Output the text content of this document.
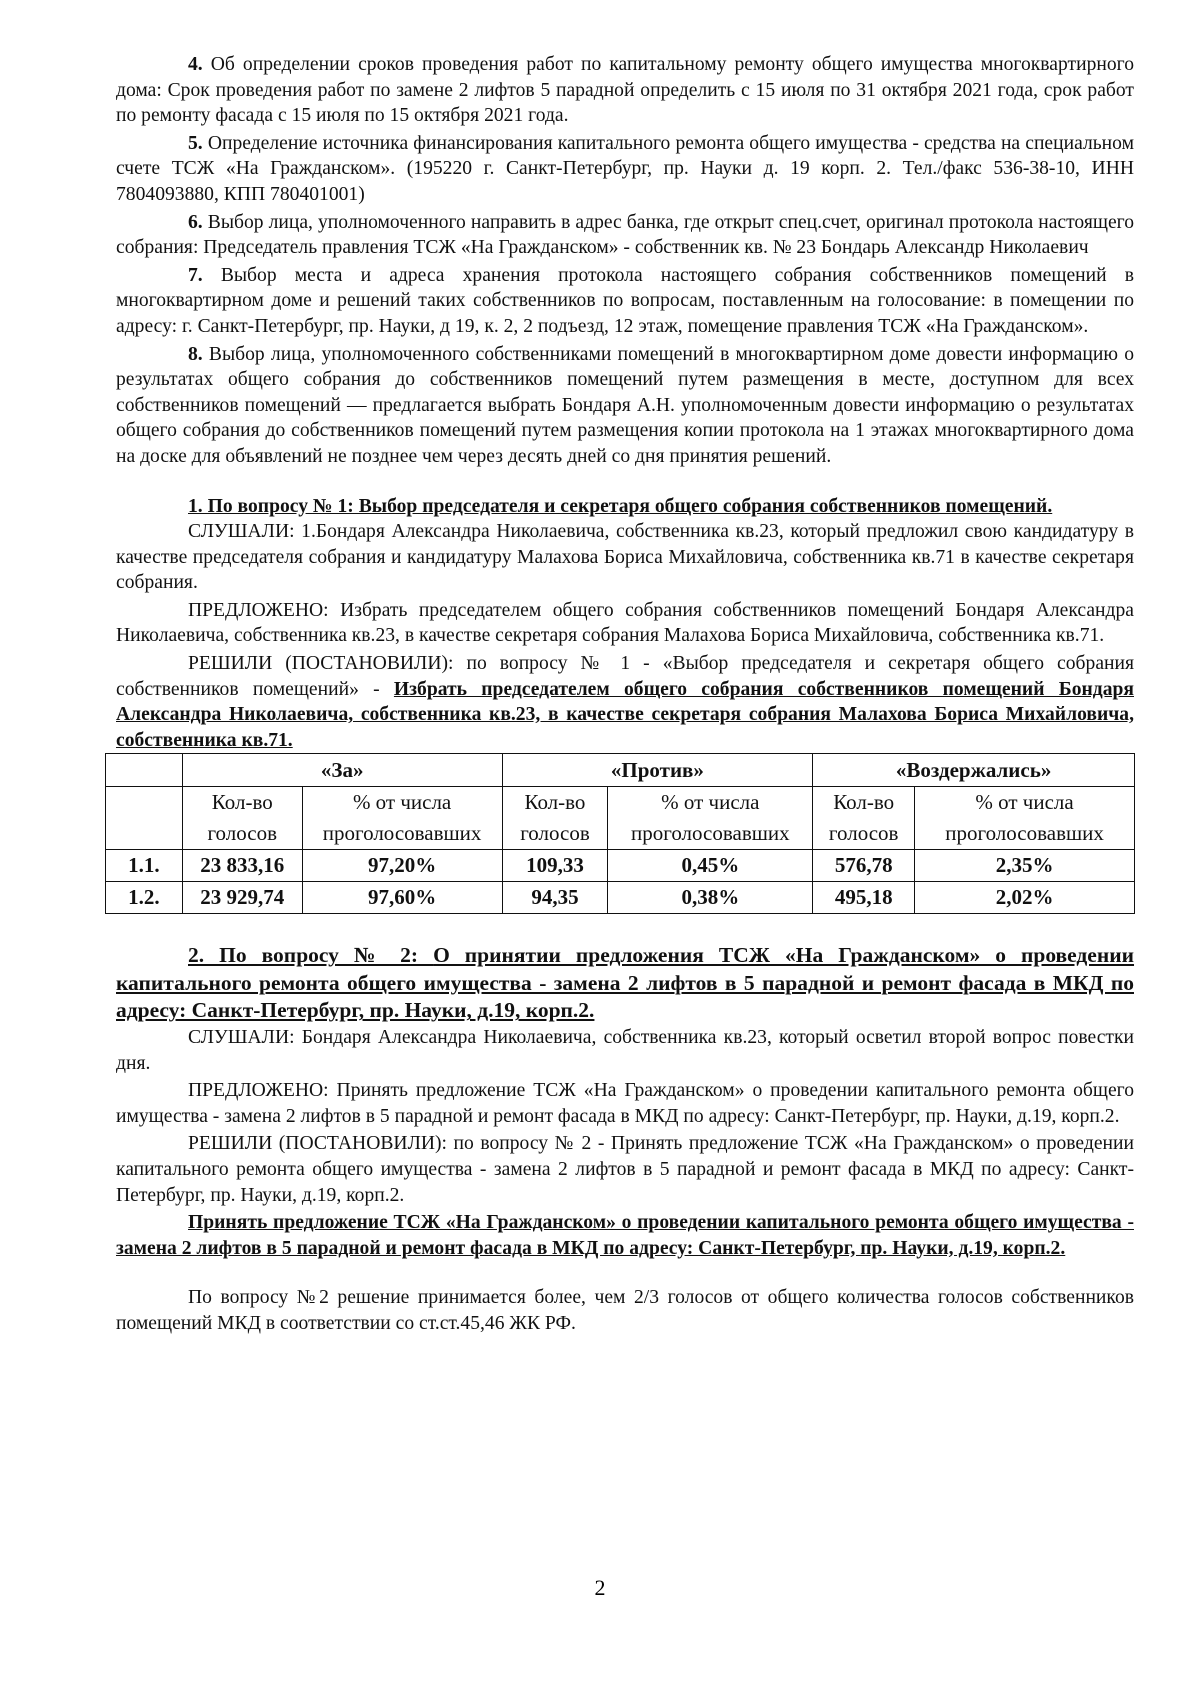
4. Об определении сроков проведения работ по капитальному ремонту общего имущества многоквартирного дома: Срок проведения работ по замене 2 лифтов 5 парадной определить с 15 июля по 31 октября 2021 года, срок работ по ремонту фасада с 15 июля по 15 октября 2021 года.

5. Определение источника финансирования капитального ремонта общего имущества - средства на специальном счете ТСЖ «На Гражданском». (195220 г. Санкт-Петербург, пр. Науки д. 19 корп. 2. Тел./факс 536-38-10, ИНН 7804093880, КПП 780401001)

6. Выбор лица, уполномоченного направить в адрес банка, где открыт спец.счет, оригинал протокола настоящего собрания: Председатель правления ТСЖ «На Гражданском» - собственник кв. № 23 Бондарь Александр Николаевич

7. Выбор места и адреса хранения протокола настоящего собрания собственников помещений в многоквартирном доме и решений таких собственников по вопросам, поставленным на голосование: в помещении по адресу: г. Санкт-Петербург, пр. Науки, д 19, к. 2, 2 подъезд, 12 этаж, помещение правления ТСЖ «На Гражданском».

8. Выбор лица, уполномоченного собственниками помещений в многоквартирном доме довести информацию о результатах общего собрания до собственников помещений путем размещения в месте, доступном для всех собственников помещений — предлагается выбрать Бондаря А.Н. уполномоченным довести информацию о результатах общего собрания до собственников помещений путем размещения копии протокола на 1 этажах многоквартирного дома на доске для объявлений не позднее чем через десять дней со дня принятия решений.

1. По вопросу № 1: Выбор председателя и секретаря общего собрания собственников помещений.

СЛУШАЛИ: 1.Бондаря Александра Николаевича, собственника кв.23, который предложил свою кандидатуру в качестве председателя собрания и кандидатуру Малахова Бориса Михайловича, собственника кв.71 в качестве секретаря собрания.

ПРЕДЛОЖЕНО: Избрать председателем общего собрания собственников помещений Бондаря Александра Николаевича, собственника кв.23, в качестве секретаря собрания Малахова Бориса Михайловича, собственника кв.71.

РЕШИЛИ (ПОСТАНОВИЛИ): по вопросу № 1 - «Выбор председателя и секретаря общего собрания собственников помещений» - Избрать председателем общего собрания собственников помещений Бондаря Александра Николаевича, собственника кв.23, в качестве секретаря собрания Малахова Бориса Михайловича, собственника кв.71.

	«За»		«Против»		«Воздержались»	
	Кол-во голосов	% от числа проголосовавших	Кол-во голосов	% от числа проголосовавших	Кол-во голосов	% от числа проголосовавших
1.1.	23 833,16	97,20%	109,33	0,45%	576,78	2,35%
1.2.	23 929,74	97,60%	94,35	0,38%	495,18	2,02%

2. По вопросу № 2: О принятии предложения ТСЖ «На Гражданском» о проведении капитального ремонта общего имущества - замена 2 лифтов в 5 парадной и ремонт фасада в МКД по адресу: Санкт-Петербург, пр. Науки, д.19, корп.2.

СЛУШАЛИ: Бондаря Александра Николаевича, собственника кв.23, который осветил второй вопрос повестки дня.

ПРЕДЛОЖЕНО: Принять предложение ТСЖ «На Гражданском» о проведении капитального ремонта общего имущества - замена 2 лифтов в 5 парадной и ремонт фасада в МКД по адресу: Санкт-Петербург, пр. Науки, д.19, корп.2.

РЕШИЛИ (ПОСТАНОВИЛИ): по вопросу № 2 - Принять предложение ТСЖ «На Гражданском» о проведении капитального ремонта общего имущества - замена 2 лифтов в 5 парадной и ремонт фасада в МКД по адресу: Санкт-Петербург, пр. Науки, д.19, корп.2.

Принять предложение ТСЖ «На Гражданском» о проведении капитального ремонта общего имущества - замена 2 лифтов в 5 парадной и ремонт фасада в МКД по адресу: Санкт-Петербург, пр. Науки, д.19, корп.2.

По вопросу №2 решение принимается более, чем 2/3 голосов от общего количества голосов собственников помещений МКД в соответствии со ст.ст.45,46 ЖК РФ.

2
